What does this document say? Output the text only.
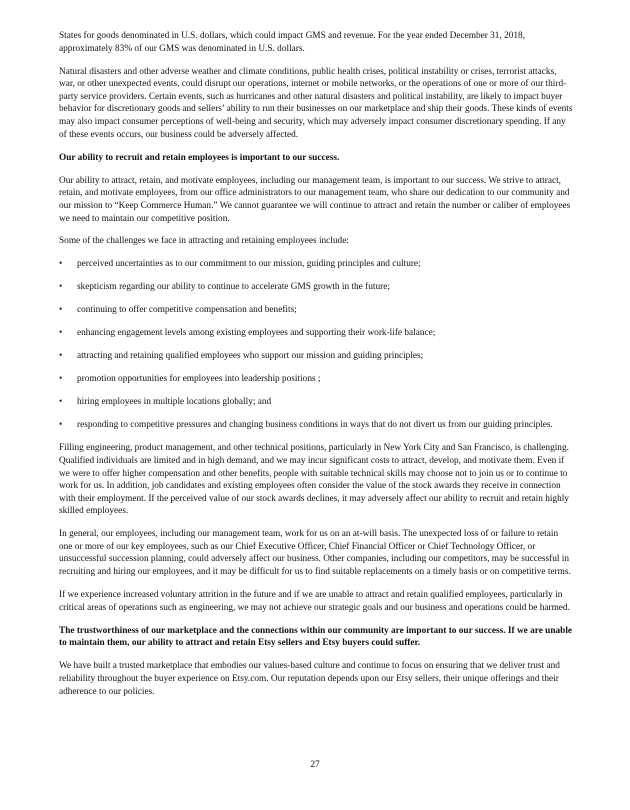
States for goods denominated in U.S. dollars, which could impact GMS and revenue. For the year ended December 31, 2018, approximately 83% of our GMS was denominated in U.S. dollars.

Natural disasters and other adverse weather and climate conditions, public health crises, political instability or crises, terrorist attacks, war, or other unexpected events, could disrupt our operations, internet or mobile networks, or the operations of one or more of our third-party service providers. Certain events, such as hurricanes and other natural disasters and political instability, are likely to impact buyer behavior for discretionary goods and sellers’ ability to run their businesses on our marketplace and ship their goods. These kinds of events may also impact consumer perceptions of well-being and security, which may adversely impact consumer discretionary spending. If any of these events occurs, our business could be adversely affected.

Our ability to recruit and retain employees is important to our success.

Our ability to attract, retain, and motivate employees, including our management team, is important to our success. We strive to attract, retain, and motivate employees, from our office administrators to our management team, who share our dedication to our community and our mission to “Keep Commerce Human.” We cannot guarantee we will continue to attract and retain the number or caliber of employees we need to maintain our competitive position.

Some of the challenges we face in attracting and retaining employees include:

• perceived uncertainties as to our commitment to our mission, guiding principles and culture;
• skepticism regarding our ability to continue to accelerate GMS growth in the future;
• continuing to offer competitive compensation and benefits;
• enhancing engagement levels among existing employees and supporting their work-life balance;
• attracting and retaining qualified employees who support our mission and guiding principles;
• promotion opportunities for employees into leadership positions ;
• hiring employees in multiple locations globally; and
• responding to competitive pressures and changing business conditions in ways that do not divert us from our guiding principles.

Filling engineering, product management, and other technical positions, particularly in New York City and San Francisco, is challenging. Qualified individuals are limited and in high demand, and we may incur significant costs to attract, develop, and motivate them. Even if we were to offer higher compensation and other benefits, people with suitable technical skills may choose not to join us or to continue to work for us. In addition, job candidates and existing employees often consider the value of the stock awards they receive in connection with their employment. If the perceived value of our stock awards declines, it may adversely affect our ability to recruit and retain highly skilled employees.

In general, our employees, including our management team, work for us on an at-will basis. The unexpected loss of or failure to retain one or more of our key employees, such as our Chief Executive Officer, Chief Financial Officer or Chief Technology Officer, or unsuccessful succession planning, could adversely affect our business. Other companies, including our competitors, may be successful in recruiting and hiring our employees, and it may be difficult for us to find suitable replacements on a timely basis or on competitive terms.

If we experience increased voluntary attrition in the future and if we are unable to attract and retain qualified employees, particularly in critical areas of operations such as engineering, we may not achieve our strategic goals and our business and operations could be harmed.

The trustworthiness of our marketplace and the connections within our community are important to our success. If we are unable to maintain them, our ability to attract and retain Etsy sellers and Etsy buyers could suffer.

We have built a trusted marketplace that embodies our values-based culture and continue to focus on ensuring that we deliver trust and reliability throughout the buyer experience on Etsy.com. Our reputation depends upon our Etsy sellers, their unique offerings and their adherence to our policies.

27
